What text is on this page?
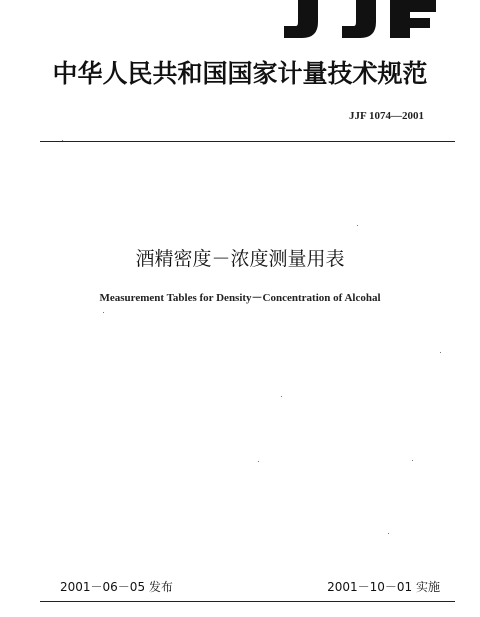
中华人民共和国国家计量技术规范
JJF 1074—2001
酒精密度－浓度测量用表
Measurement Tables for Density－Concentration of Alcohal
2001－06－05 发布	2001－10－01 实施
